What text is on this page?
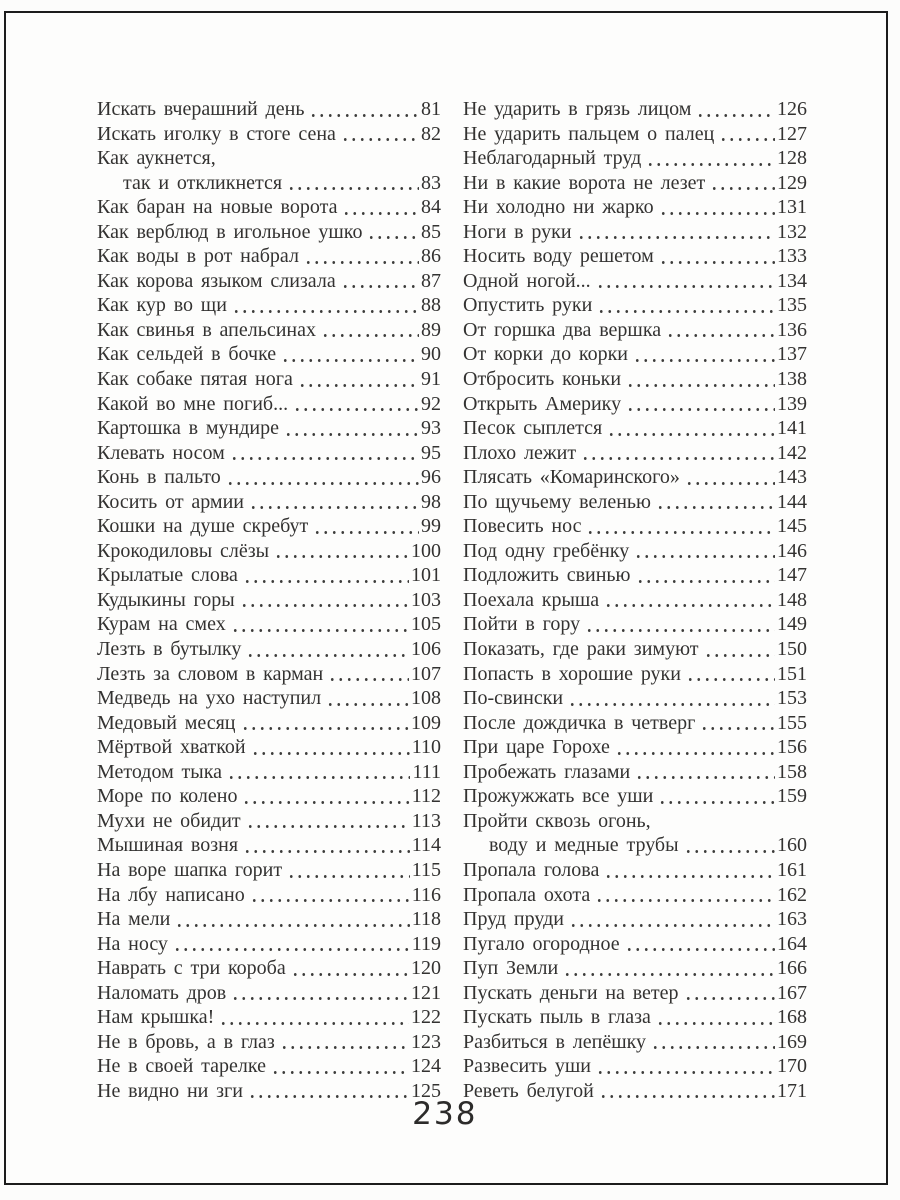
Искать вчерашний день	81
Искать иголку в стоге сена	82
Как аукнется,
так и откликнется	83
Как баран на новые ворота	84
Как верблюд в игольное ушко	85
Как воды в рот набрал	86
Как корова языком слизала	87
Как кур во щи	88
Как свинья в апельсинах	89
Как сельдей в бочке	90
Как собаке пятая нога	91
Какой во мне погиб...	92
Картошка в мундире	93
Клевать носом	95
Конь в пальто	96
Косить от армии	98
Кошки на душе скребут	99
Крокодиловы слёзы	100
Крылатые слова	101
Кудыкины горы	103
Курам на смех	105
Лезть в бутылку	106
Лезть за словом в карман	107
Медведь на ухо наступил	108
Медовый месяц	109
Мёртвой хваткой	110
Методом тыка	111
Море по колено	112
Мухи не обидит	113
Мышиная возня	114
На воре шапка горит	115
На лбу написано	116
На мели	118
На носу	119
Наврать с три короба	120
Наломать дров	121
Нам крышка!	122
Не в бровь, а в глаз	123
Не в своей тарелке	124
Не видно ни зги	125
Не ударить в грязь лицом	126
Не ударить пальцем о палец	127
Неблагодарный труд	128
Ни в какие ворота не лезет	129
Ни холодно ни жарко	131
Ноги в руки	132
Носить воду решетом	133
Одной ногой...	134
Опустить руки	135
От горшка два вершка	136
От корки до корки	137
Отбросить коньки	138
Открыть Америку	139
Песок сыплется	141
Плохо лежит	142
Плясать «Комаринского»	143
По щучьему веленью	144
Повесить нос	145
Под одну гребёнку	146
Подложить свинью	147
Поехала крыша	148
Пойти в гору	149
Показать, где раки зимуют	150
Попасть в хорошие руки	151
По-свински	153
После дождичка в четверг	155
При царе Горохе	156
Пробежать глазами	158
Прожужжать все уши	159
Пройти сквозь огонь,
воду и медные трубы	160
Пропала голова	161
Пропала охота	162
Пруд пруди	163
Пугало огородное	164
Пуп Земли	166
Пускать деньги на ветер	167
Пускать пыль в глаза	168
Разбиться в лепёшку	169
Развесить уши	170
Реветь белугой	171
238
